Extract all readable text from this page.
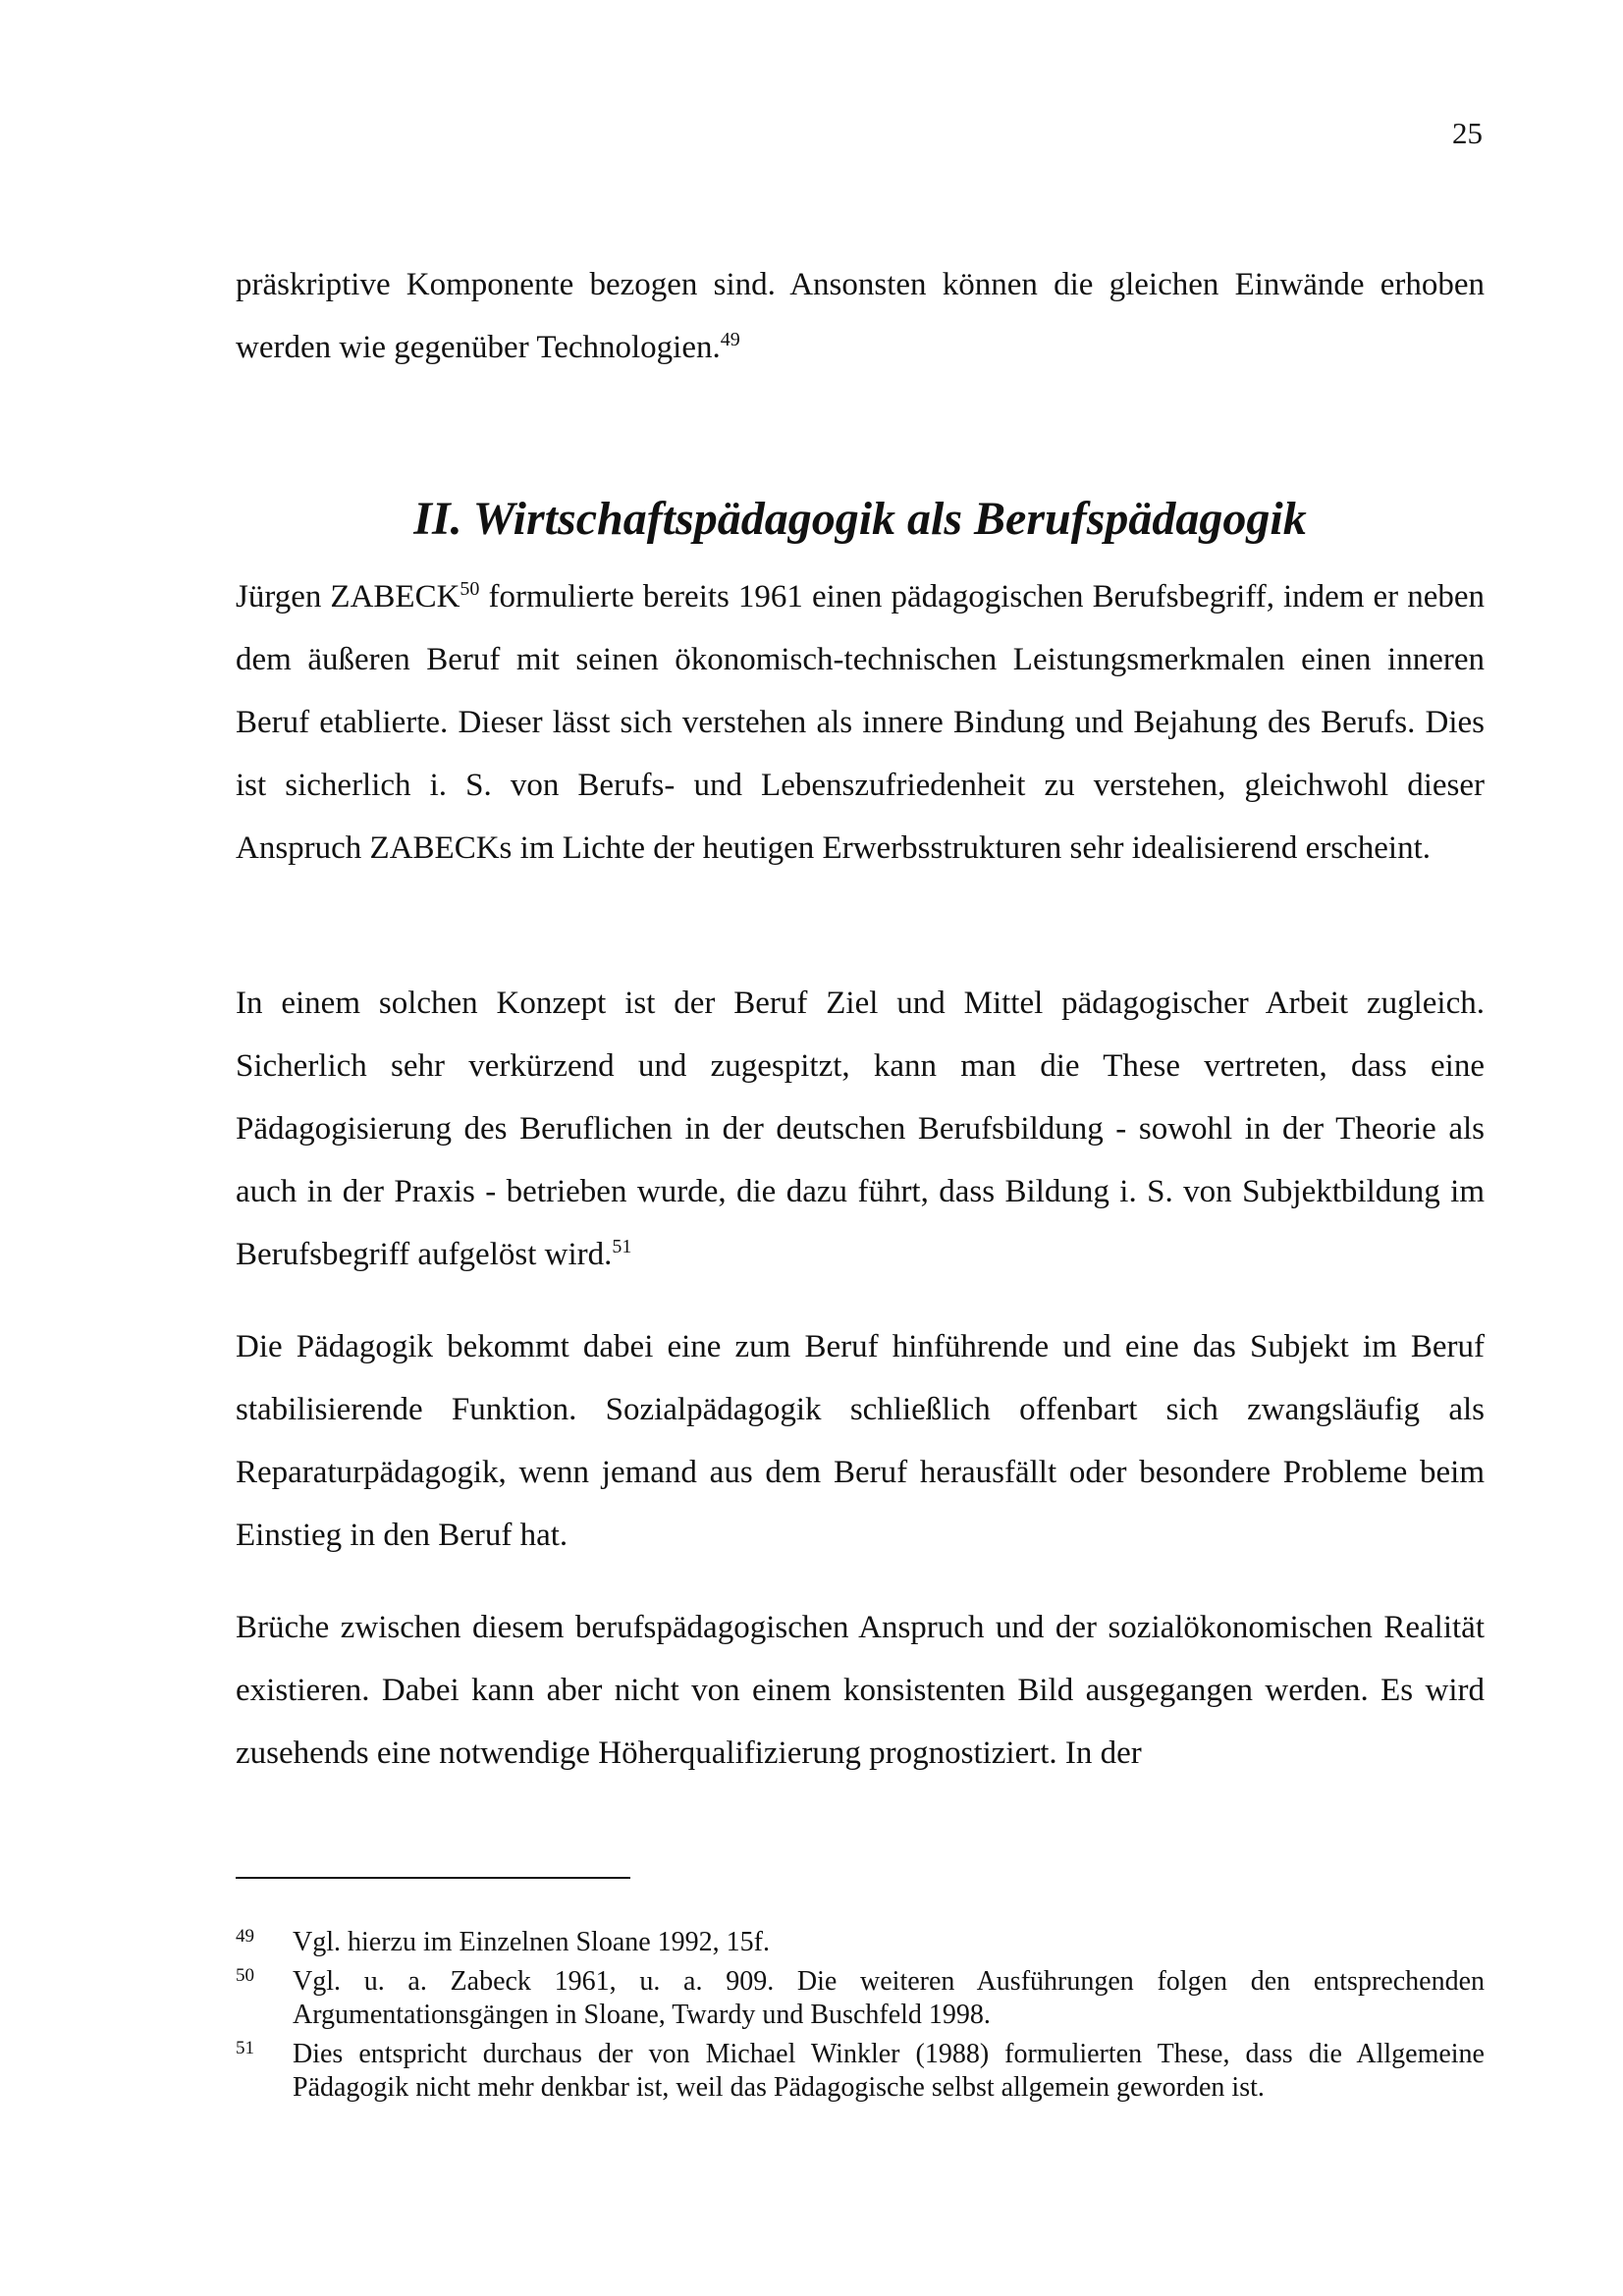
25

präskriptive Komponente bezogen sind. Ansonsten können die gleichen Einwände erhoben werden wie gegenüber Technologien.$^{49}$

II. Wirtschaftspädagogik als Berufspädagogik

Jürgen ZABECK$^{50}$ formulierte bereits 1961 einen pädagogischen Berufsbegriff, indem er neben dem äußeren Beruf mit seinen ökonomisch-technischen Leistungsmerkmalen einen inneren Beruf etablierte. Dieser lässt sich verstehen als innere Bindung und Bejahung des Berufs. Dies ist sicherlich i. S. von Berufs- und Lebenszufriedenheit zu verstehen, gleichwohl dieser Anspruch ZABECKs im Lichte der heutigen Erwerbsstrukturen sehr idealisierend erscheint.

In einem solchen Konzept ist der Beruf Ziel und Mittel pädagogischer Arbeit zugleich. Sicherlich sehr verkürzend und zugespitzt, kann man die These vertreten, dass eine Pädagogisierung des Beruflichen in der deutschen Berufsbildung - sowohl in der Theorie als auch in der Praxis - betrieben wurde, die dazu führt, dass Bildung i. S. von Subjektbildung im Berufsbegriff aufgelöst wird.$^{51}$

Die Pädagogik bekommt dabei eine zum Beruf hinführende und eine das Subjekt im Beruf stabilisierende Funktion. Sozialpädagogik schließlich offenbart sich zwangsläufig als Reparaturpädagogik, wenn jemand aus dem Beruf herausfällt oder besondere Probleme beim Einstieg in den Beruf hat.

Brüche zwischen diesem berufspädagogischen Anspruch und der sozialökonomischen Realität existieren. Dabei kann aber nicht von einem konsistenten Bild ausgegangen werden. Es wird zusehends eine notwendige Höherqualifizierung prognostiziert. In der

49	Vgl. hierzu im Einzelnen Sloane 1992, 15f.
50	Vgl. u. a. Zabeck 1961, u. a. 909. Die weiteren Ausführungen folgen den entsprechenden Argumentationsgängen in Sloane, Twardy und Buschfeld 1998.
51	Dies entspricht durchaus der von Michael Winkler (1988) formulierten These, dass die Allgemeine Pädagogik nicht mehr denkbar ist, weil das Pädagogische selbst allgemein geworden ist.
